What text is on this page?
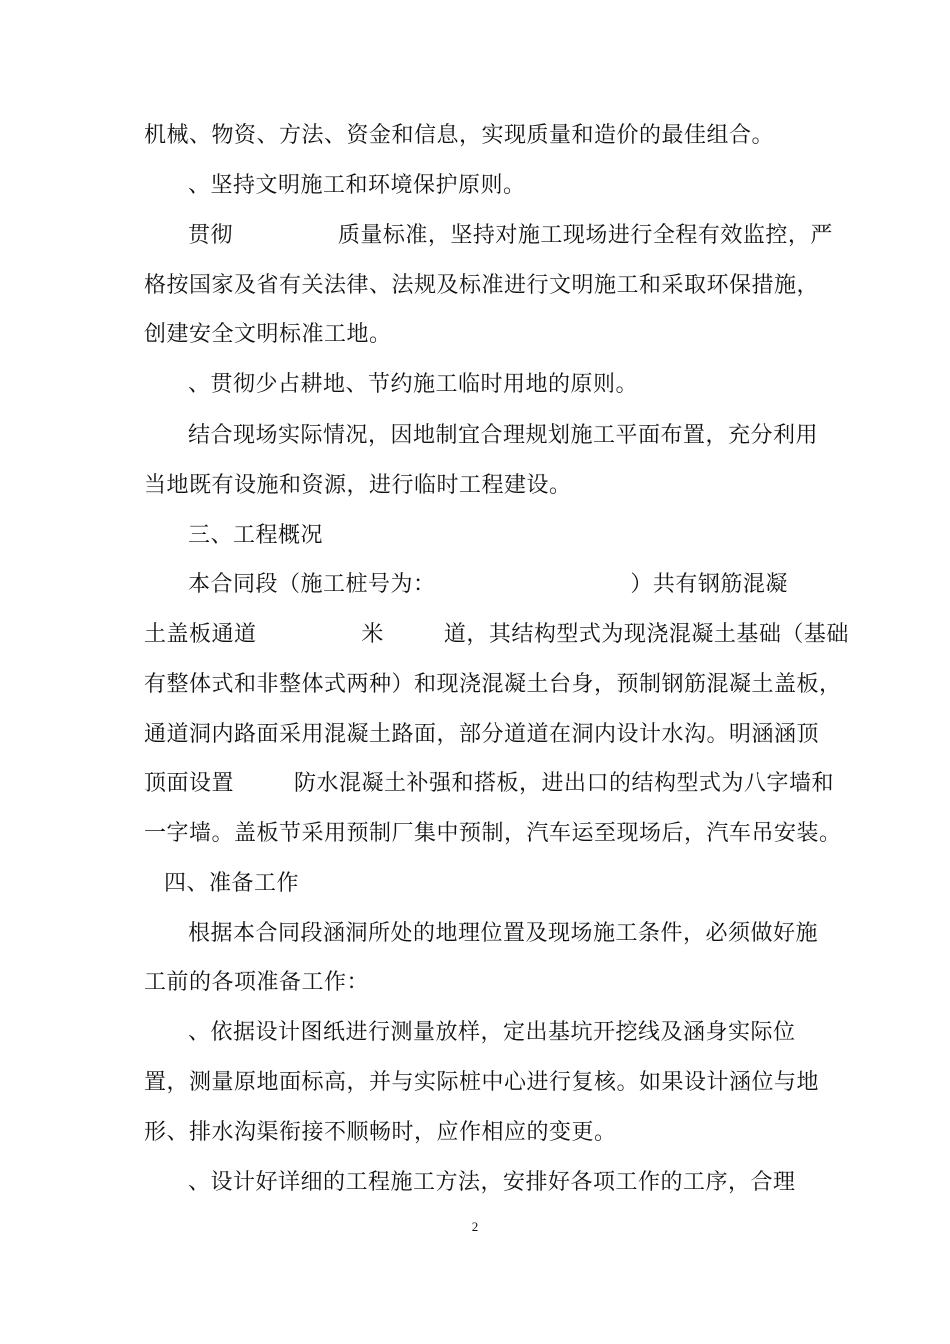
机械、物资、方法、资金和信息，实现质量和造价的最佳组合。
、坚持文明施工和环境保护原则。
贯彻              质量标准，坚持对施工现场进行全程有效监控，严
格按国家及省有关法律、法规及标准进行文明施工和采取环保措施，
创建安全文明标准工地。
、贯彻少占耕地、节约施工临时用地的原则。
结合现场实际情况，因地制宜合理规划施工平面布置，充分利用
当地既有设施和资源，进行临时工程建设。
三、工程概况
本合同段（施工桩号为：                          ）共有钢筋混凝
土盖板通道              米        道，其结构型式为现浇混凝土基础（基础
有整体式和非整体式两种）和现浇混凝土台身，预制钢筋混凝土盖板，
通道洞内路面采用混凝土路面，部分道道在洞内设计水沟。明涵涵顶
顶面设置        防水混凝土补强和搭板，进出口的结构型式为八字墙和
一字墙。盖板节采用预制厂集中预制，汽车运至现场后，汽车吊安装。
四、准备工作
根据本合同段涵洞所处的地理位置及现场施工条件，必须做好施
工前的各项准备工作：
、依据设计图纸进行测量放样，定出基坑开挖线及涵身实际位
置，测量原地面标高，并与实际桩中心进行复核。如果设计涵位与地
形、排水沟渠衔接不顺畅时，应作相应的变更。
、设计好详细的工程施工方法，安排好各项工作的工序，合理
2
